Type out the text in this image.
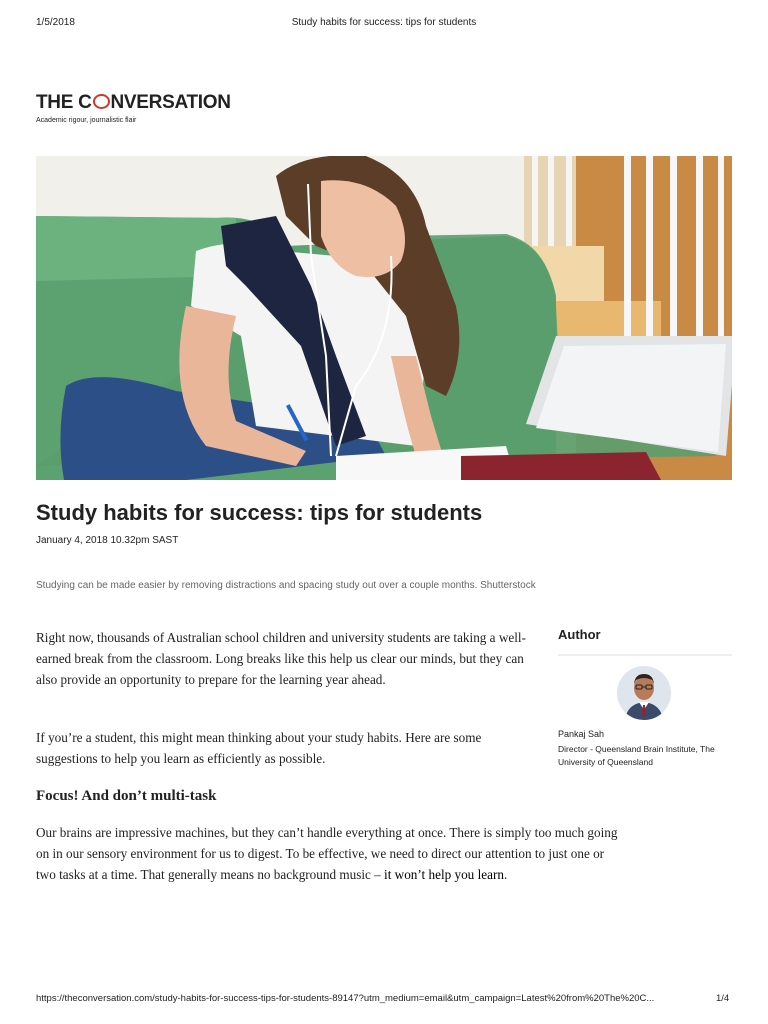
1/5/2018	Study habits for success: tips for students
THE C NVERSATION
Academic rigour, journalistic flair
Study habits for success: tips for students
January 4, 2018 10.32pm SAST
Studying can be made easier by removing distractions and spacing study out over a couple months. Shutterstock
Right now, thousands of Australian school children and university students are taking a well-earned break from the classroom. Long breaks like this help us clear our minds, but they can also provide an opportunity to prepare for the learning year ahead.
If you’re a student, this might mean thinking about your study habits. Here are some suggestions to help you learn as efficiently as possible.
Focus! And don’t multi-task
Our brains are impressive machines, but they can’t handle everything at once. There is simply too much going on in our sensory environment for us to digest. To be effective, we need to direct our attention to just one or two tasks at a time. That generally means no background music – it won’t help you learn.
Author
Pankaj Sah
Director - Queensland Brain Institute, The University of Queensland
https://theconversation.com/study-habits-for-success-tips-for-students-89147?utm_medium=email&utm_campaign=Latest%20from%20The%20C...	1/4
